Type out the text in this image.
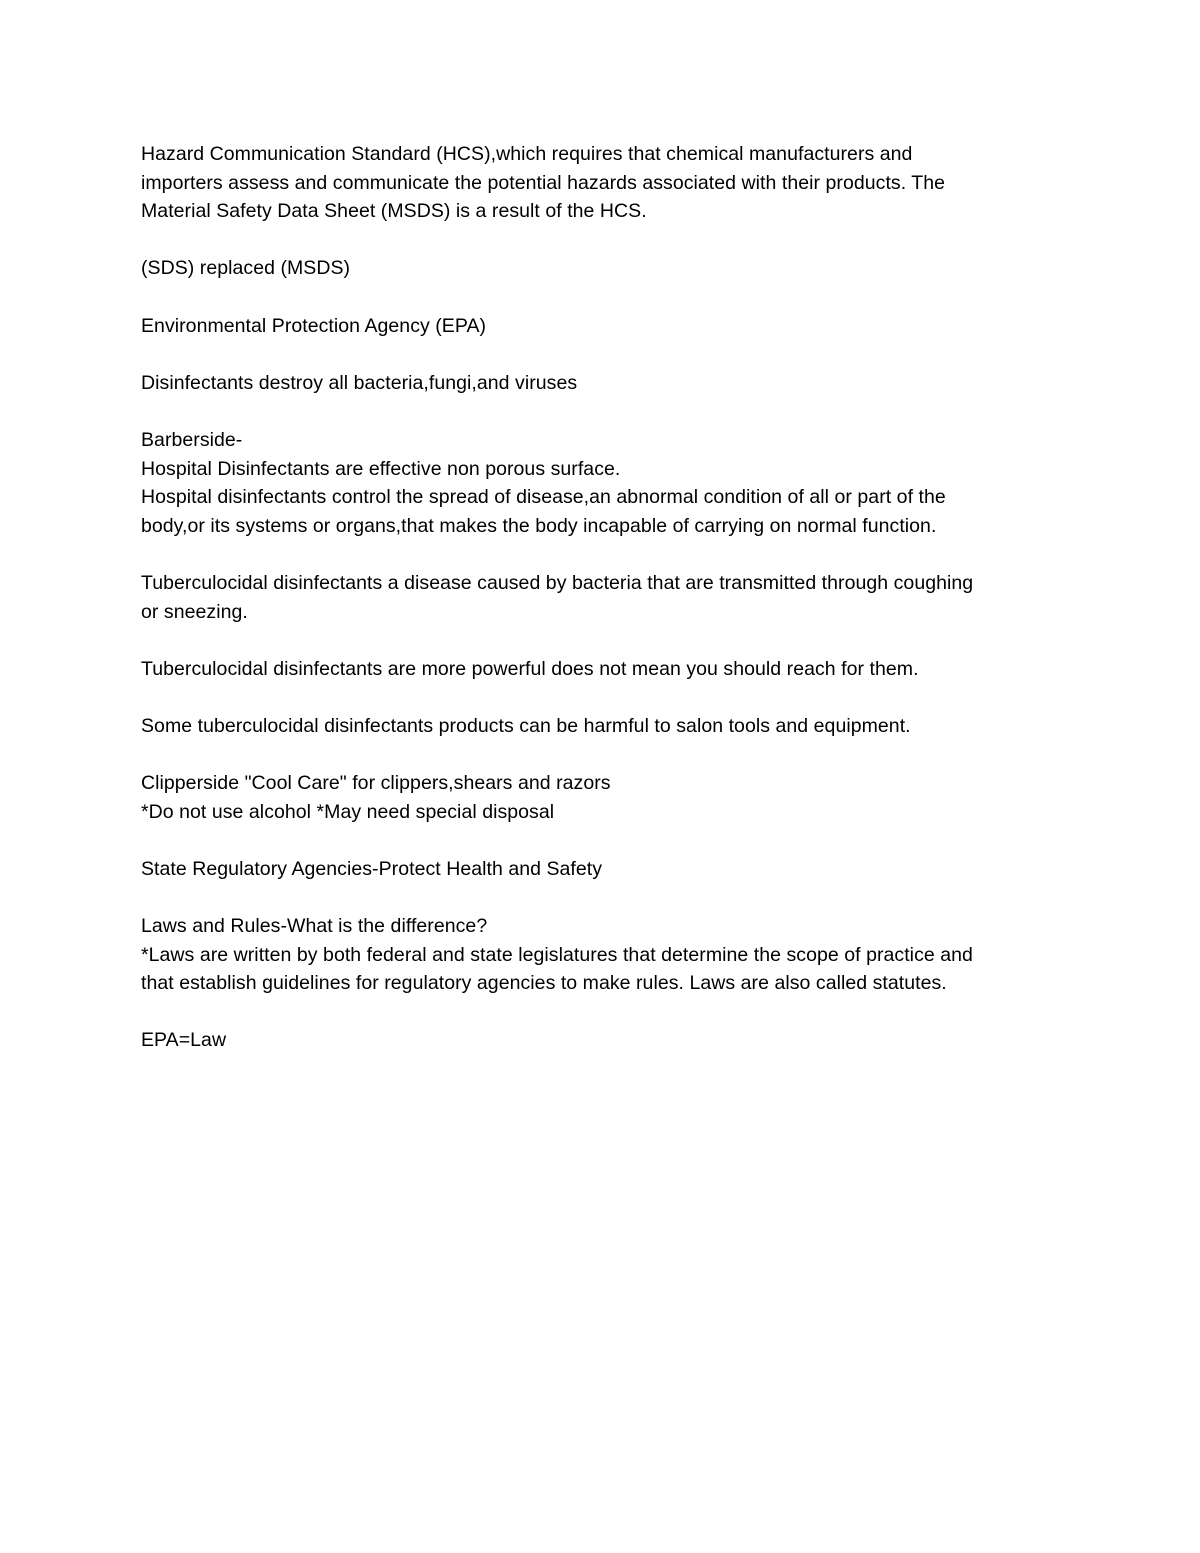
Hazard Communication Standard (HCS),which requires that chemical manufacturers and
importers assess and communicate the potential hazards associated with their products. The
Material Safety Data Sheet (MSDS) is a result of the HCS.

(SDS) replaced (MSDS)

Environmental Protection Agency (EPA)

Disinfectants destroy all bacteria,fungi,and viruses

Barberside-
Hospital Disinfectants are effective non porous surface.
Hospital disinfectants control the spread of disease,an abnormal condition of all or part of the
body,or its systems or organs,that makes the body incapable of carrying on normal function.

Tuberculocidal disinfectants a disease caused by bacteria that are transmitted through coughing
or sneezing.

Tuberculocidal disinfectants are more powerful does not mean you should reach for them.

Some tuberculocidal disinfectants products can be harmful to salon tools and equipment.

Clipperside "Cool Care" for clippers,shears and razors
*Do not use alcohol *May need special disposal

State Regulatory Agencies-Protect Health and Safety

Laws and Rules-What is the difference?
*Laws are written by both federal and state legislatures that determine the scope of practice and
that establish guidelines for regulatory agencies to make rules. Laws are also called statutes.

EPA=Law
